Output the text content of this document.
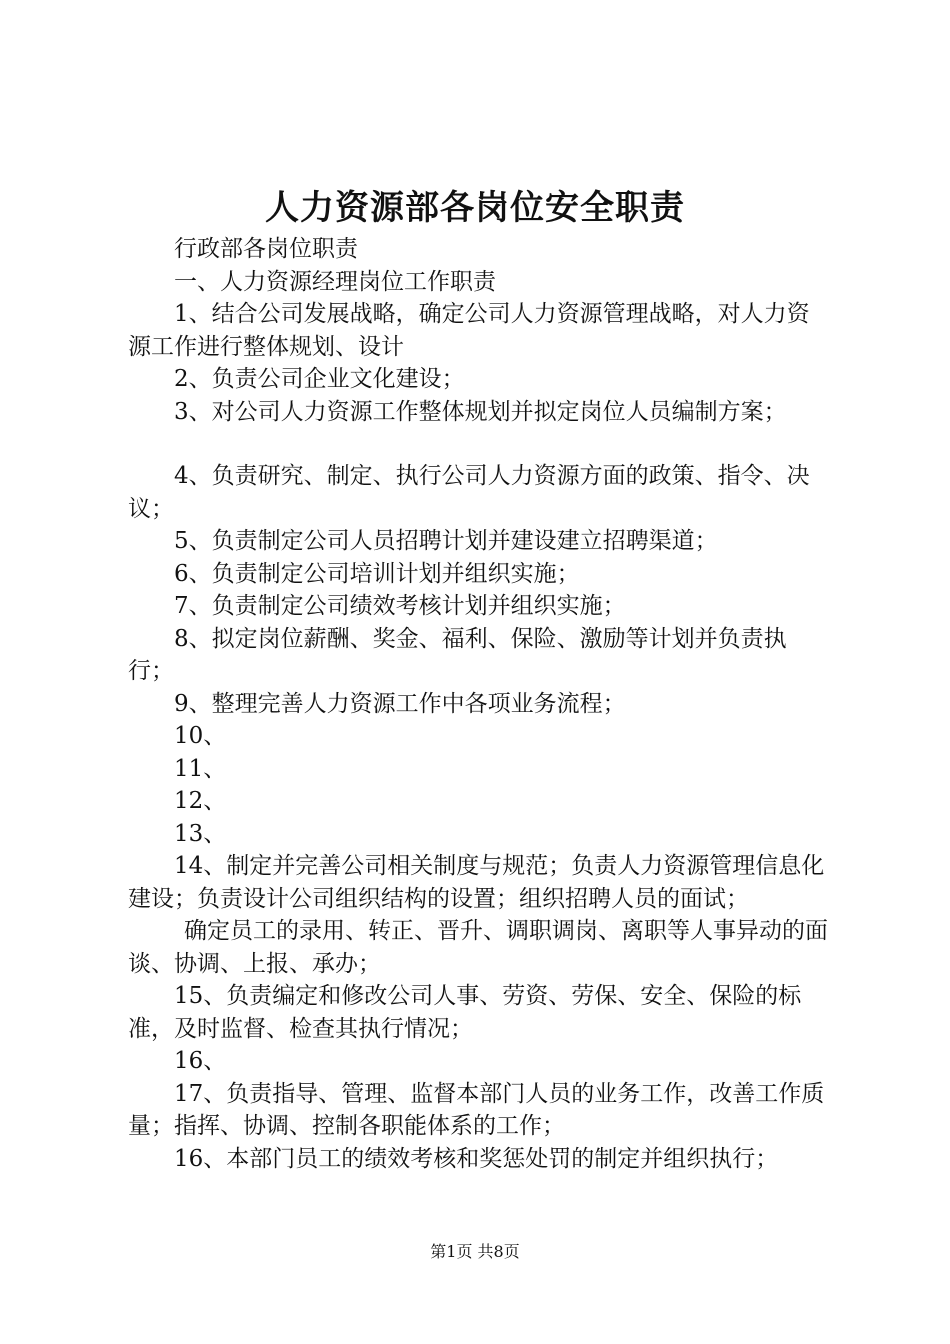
人力资源部各岗位安全职责

行政部各岗位职责

一、人力资源经理岗位工作职责

1、结合公司发展战略，确定公司人力资源管理战略，对人力资源工作进行整体规划、设计

2、负责公司企业文化建设；

3、对公司人力资源工作整体规划并拟定岗位人员编制方案；

4、负责研究、制定、执行公司人力资源方面的政策、指令、决议；

5、负责制定公司人员招聘计划并建设建立招聘渠道；

6、负责制定公司培训计划并组织实施；

7、负责制定公司绩效考核计划并组织实施；

8、拟定岗位薪酬、奖金、福利、保险、激励等计划并负责执行；

9、整理完善人力资源工作中各项业务流程；

10、

11、

12、

13、

14、制定并完善公司相关制度与规范；负责人力资源管理信息化建设；负责设计公司组织结构的设置；组织招聘人员的面试；

确定员工的录用、转正、晋升、调职调岗、离职等人事异动的面谈、协调、上报、承办；

15、负责编定和修改公司人事、劳资、劳保、安全、保险的标准，及时监督、检查其执行情况；

16、

17、负责指导、管理、监督本部门人员的业务工作，改善工作质量；指挥、协调、控制各职能体系的工作；

16、本部门员工的绩效考核和奖惩处罚的制定并组织执行；

第1页 共8页
